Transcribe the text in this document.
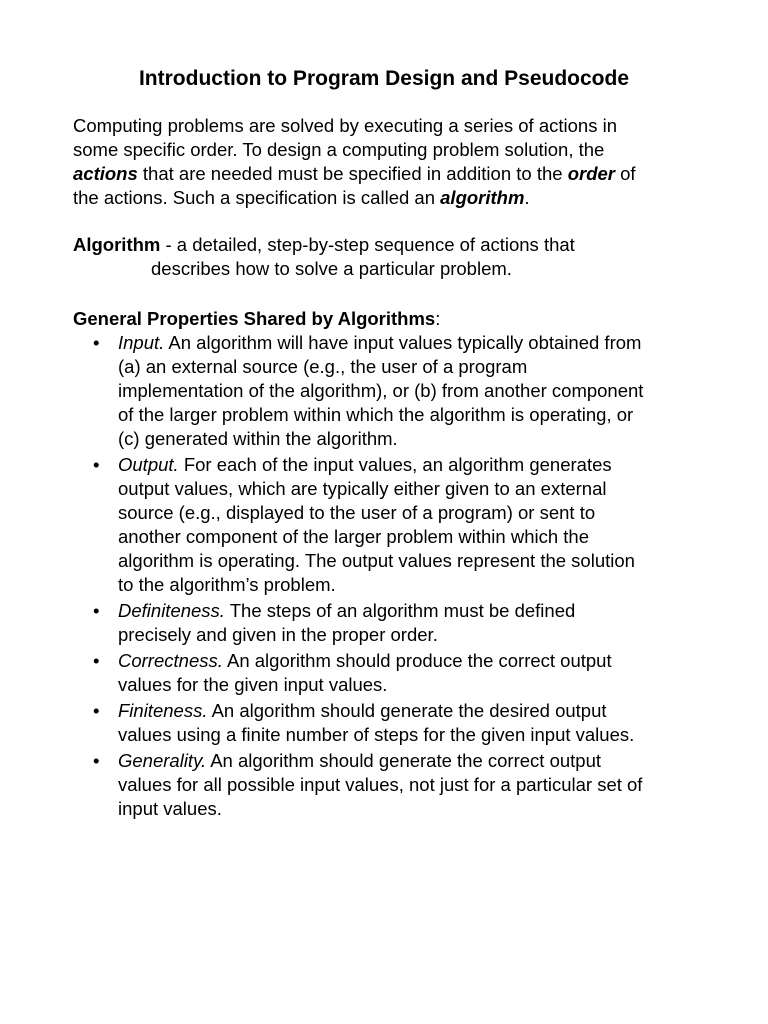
Introduction to Program Design and Pseudocode
Computing problems are solved by executing a series of actions in
some specific order. To design a computing problem solution, the
actions that are needed must be specified in addition to the order of
the actions. Such a specification is called an algorithm.
Algorithm - a detailed, step-by-step sequence of actions that
describes how to solve a particular problem.
General Properties Shared by Algorithms:
• Input. An algorithm will have input values typically obtained from
(a) an external source (e.g., the user of a program
implementation of the algorithm), or (b) from another component
of the larger problem within which the algorithm is operating, or
(c) generated within the algorithm.
• Output. For each of the input values, an algorithm generates
output values, which are typically either given to an external
source (e.g., displayed to the user of a program) or sent to
another component of the larger problem within which the
algorithm is operating. The output values represent the solution
to the algorithm’s problem.
• Definiteness. The steps of an algorithm must be defined
precisely and given in the proper order.
• Correctness. An algorithm should produce the correct output
values for the given input values.
• Finiteness. An algorithm should generate the desired output
values using a finite number of steps for the given input values.
• Generality. An algorithm should generate the correct output
values for all possible input values, not just for a particular set of
input values.
